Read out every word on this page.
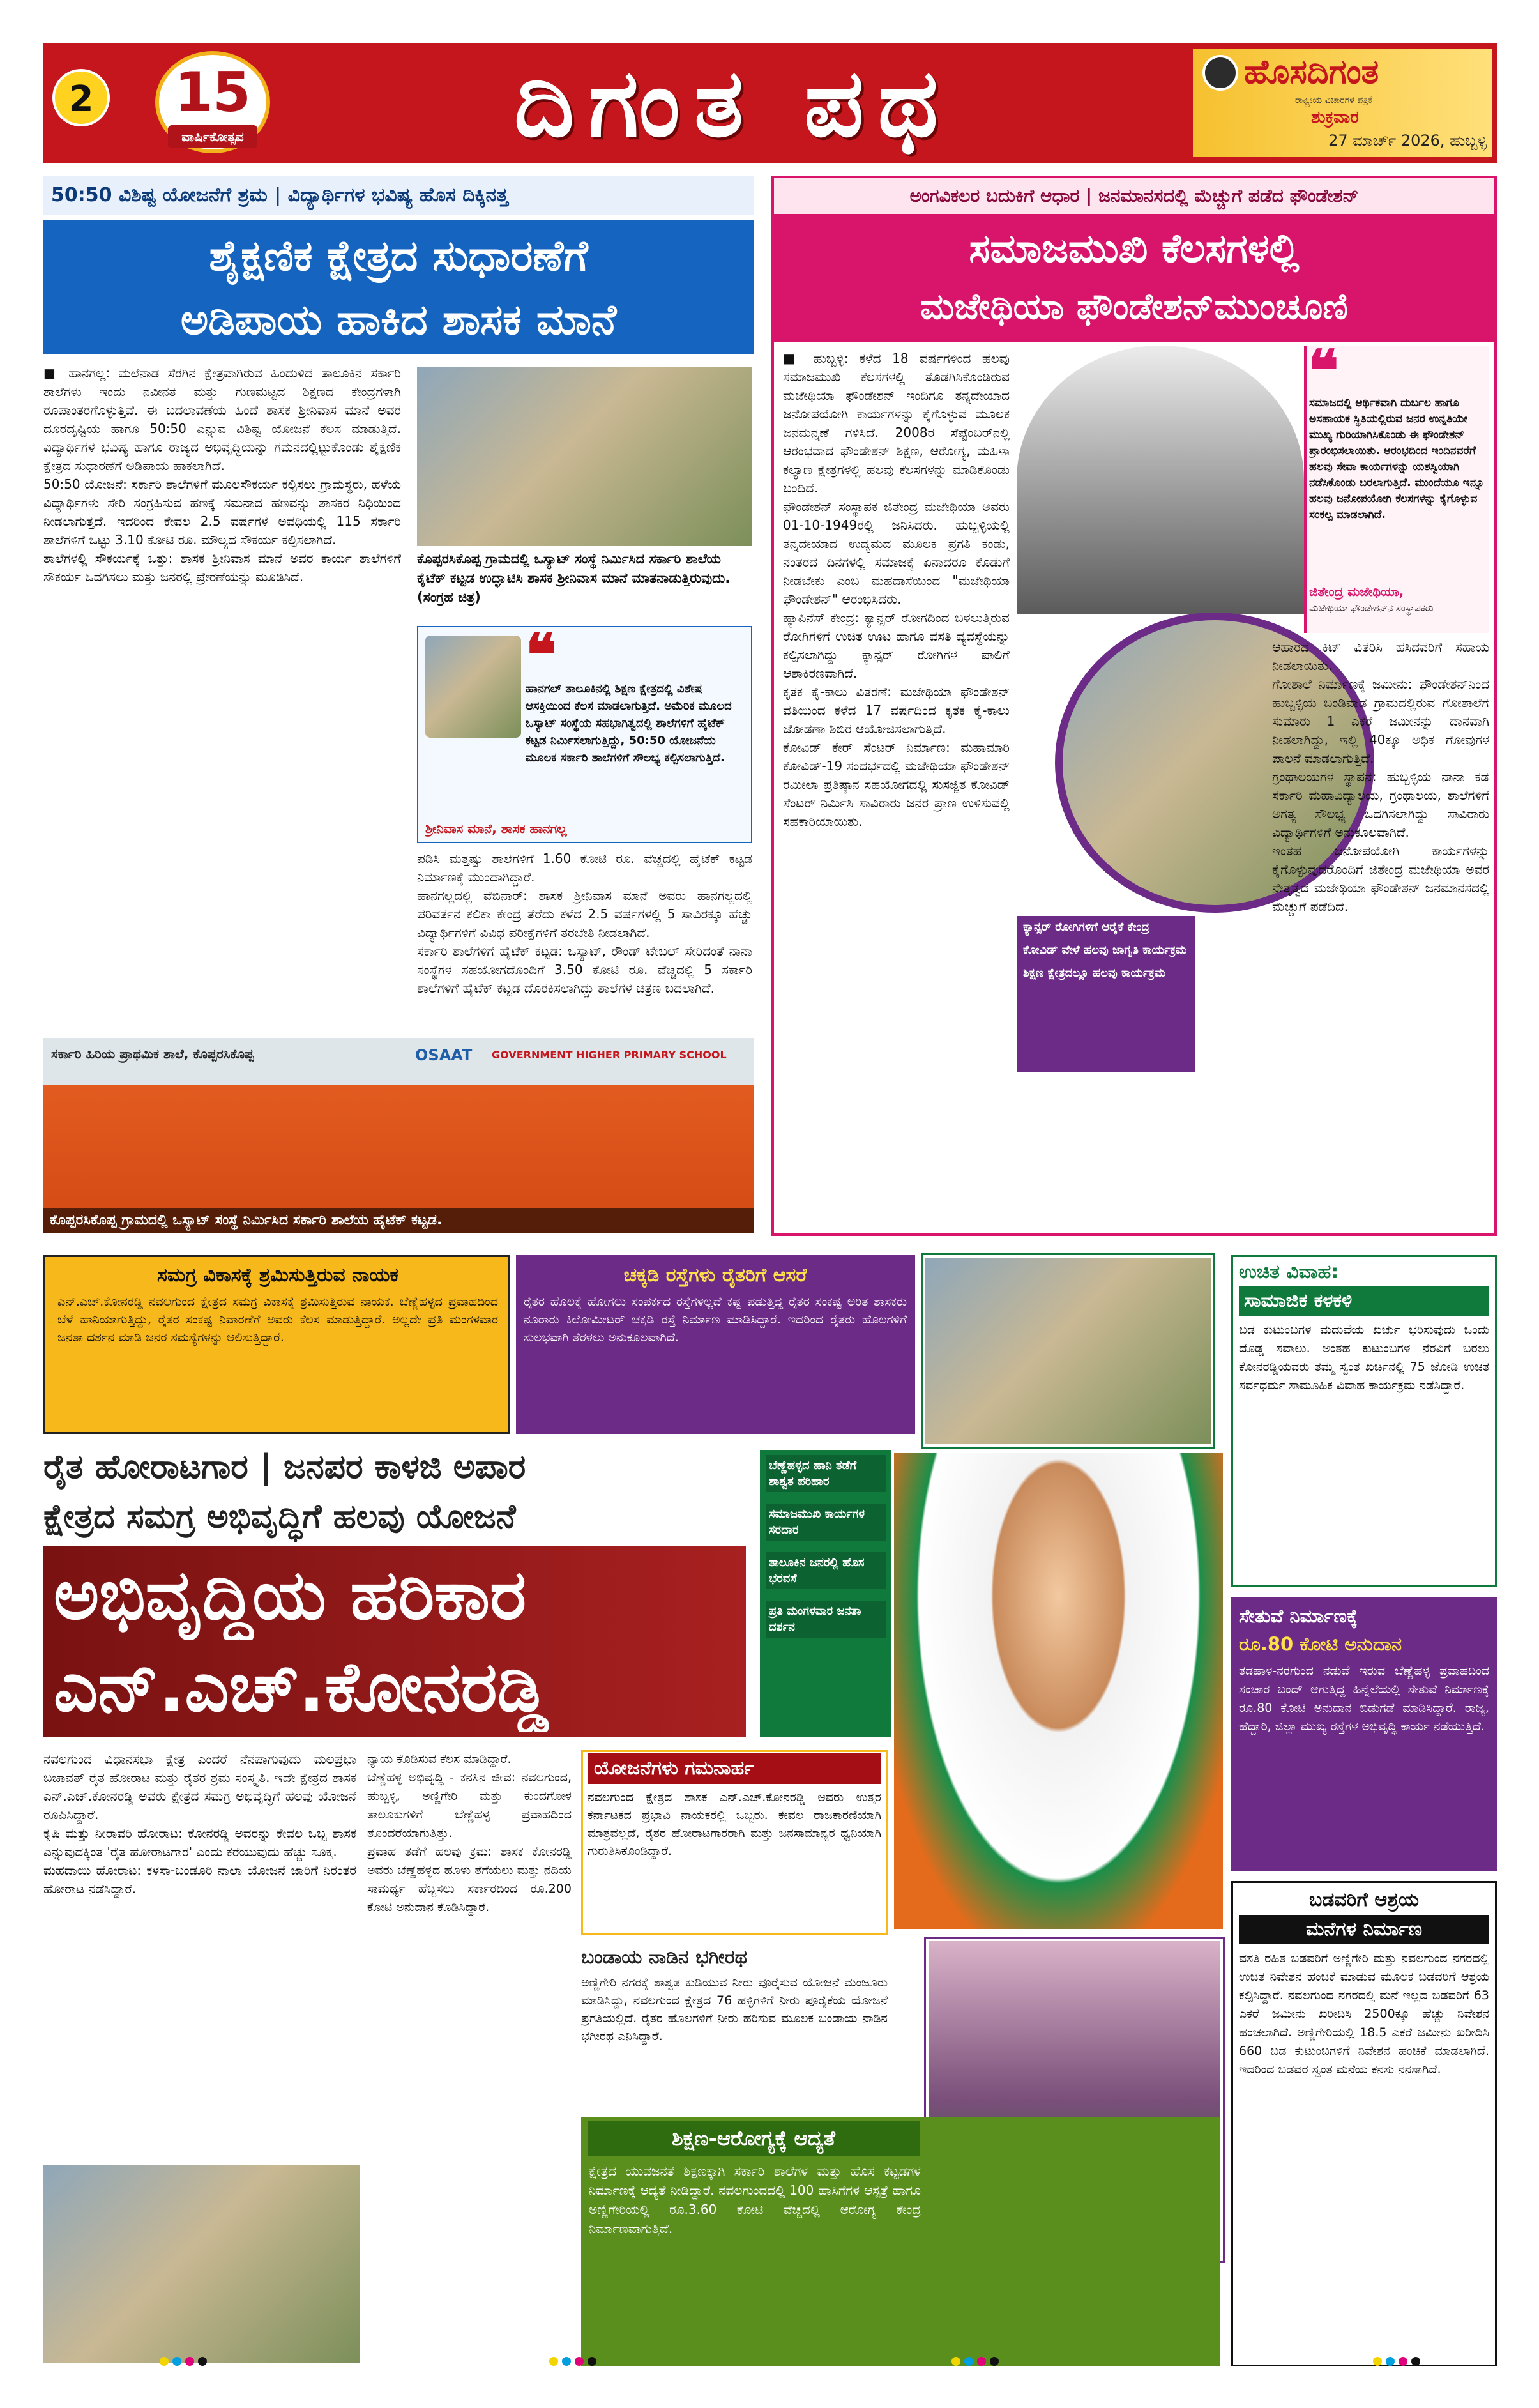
2 15
ವಾರ್ಷಿಕೋತ್ಸವ	ದಿಗಂತ ಪಥ	ಹೊಸದಿಗಂತ
ರಾಷ್ಟ್ರೀಯ ವಿಚಾರಗಳ ಪತ್ರಿಕೆ
ಶುಕ್ರವಾರ
27 ಮಾರ್ಚ್ 2026, ಹುಬ್ಬಳ್ಳಿ
50:50 ವಿಶಿಷ್ಟ ಯೋಜನೆಗೆ ಶ್ರಮ | ವಿದ್ಯಾರ್ಥಿಗಳ ಭವಿಷ್ಯ ಹೊಸ ದಿಕ್ಕಿನತ್ತ
ಶೈಕ್ಷಣಿಕ ಕ್ಷೇತ್ರದ ಸುಧಾರಣೆಗೆ
ಅಡಿಪಾಯ ಹಾಕಿದ ಶಾಸಕ ಮಾನೆ
■ ಹಾನಗಲ್ಲ: ಮಲೆನಾಡ ಸೆರಗಿನ ಕ್ಷೇತ್ರವಾಗಿರುವ ಹಿಂದುಳಿದ ತಾಲೂಕಿನ ಸರ್ಕಾರಿ ಶಾಲೆಗಳು ಇಂದು ನವೀನತೆ ಮತ್ತು ಗುಣಮಟ್ಟದ ಶಿಕ್ಷಣದ ಕೇಂದ್ರಗಳಾಗಿ ರೂಪಾಂತರಗೊಳ್ಳುತ್ತಿವೆ. ಈ ಬದಲಾವಣೆಯ ಹಿಂದೆ ಶಾಸಕ ಶ್ರೀನಿವಾಸ ಮಾನೆ ಅವರ ದೂರದೃಷ್ಟಿಯ ಹಾಗೂ 50:50 ಎನ್ನುವ ವಿಶಿಷ್ಟ ಯೋಜನೆ ಕೆಲಸ ಮಾಡುತ್ತಿದೆ. ವಿದ್ಯಾರ್ಥಿಗಳ ಭವಿಷ್ಯ ಹಾಗೂ ರಾಜ್ಯದ ಅಭಿವೃದ್ಧಿಯನ್ನು ಗಮನದಲ್ಲಿಟ್ಟುಕೊಂಡು ಶೈಕ್ಷಣಿಕ ಕ್ಷೇತ್ರದ ಸುಧಾರಣೆಗೆ ಅಡಿಪಾಯ ಹಾಕಲಾಗಿದೆ.
50:50 ಯೋಜನೆ: ಸರ್ಕಾರಿ ಶಾಲೆಗಳಿಗೆ ಮೂಲಸೌಕರ್ಯ ಕಲ್ಪಿಸಲು ಗ್ರಾಮಸ್ಥರು, ಹಳೆಯ ವಿದ್ಯಾರ್ಥಿಗಳು ಸೇರಿ ಸಂಗ್ರಹಿಸುವ ಹಣಕ್ಕೆ ಸಮನಾದ ಹಣವನ್ನು ಶಾಸಕರ ನಿಧಿಯಿಂದ ನೀಡಲಾಗುತ್ತದೆ. ಇದರಿಂದ ಕೇವಲ 2.5 ವರ್ಷಗಳ ಅವಧಿಯಲ್ಲಿ 115 ಸರ್ಕಾರಿ ಶಾಲೆಗಳಿಗೆ ಒಟ್ಟು 3.10 ಕೋಟಿ ರೂ. ಮೌಲ್ಯದ ಸೌಕರ್ಯ ಕಲ್ಪಿಸಲಾಗಿದೆ.
ಶಾಲೆಗಳಲ್ಲಿ ಸೌಕರ್ಯಕ್ಕೆ ಒತ್ತು: ಶಾಸಕ ಶ್ರೀನಿವಾಸ ಮಾನೆ ಅವರ ಕಾರ್ಯ ಶಾಲೆಗಳಿಗೆ ಸೌಕರ್ಯ ಒದಗಿಸಲು ಮತ್ತು ಜನರಲ್ಲಿ ಪ್ರೇರಣೆಯನ್ನು ಮೂಡಿಸಿದೆ.
ಕೊಪ್ಪರಸಿಕೊಪ್ಪ ಗ್ರಾಮದಲ್ಲಿ ಒಸ್ಯಾಟ್ ಸಂಸ್ಥೆ ನಿರ್ಮಿಸಿದ ಸರ್ಕಾರಿ ಶಾಲೆಯ ಕೈಟೆಕ್ ಕಟ್ಟಡ ಉದ್ಘಾಟಿಸಿ ಶಾಸಕ ಶ್ರೀನಿವಾಸ ಮಾನೆ ಮಾತನಾಡುತ್ತಿರುವುದು. (ಸಂಗ್ರಹ ಚಿತ್ರ)
❝
ಹಾನಗಲ್ ತಾಲೂಕಿನಲ್ಲಿ ಶಿಕ್ಷಣ ಕ್ಷೇತ್ರದಲ್ಲಿ ವಿಶೇಷ ಆಸಕ್ತಿಯಿಂದ ಕೆಲಸ ಮಾಡಲಾಗುತ್ತಿದೆ. ಅಮೆರಿಕ ಮೂಲದ ಒಸ್ಯಾಟ್ ಸಂಸ್ಥೆಯ ಸಹಭಾಗಿತ್ವದಲ್ಲಿ ಶಾಲೆಗಳಿಗೆ ಹೈಟೆಕ್ ಕಟ್ಟಡ ನಿರ್ಮಿಸಲಾಗುತ್ತಿದ್ದು, 50:50 ಯೋಜನೆಯ ಮೂಲಕ ಸರ್ಕಾರಿ ಶಾಲೆಗಳಿಗೆ ಸೌಲಭ್ಯ ಕಲ್ಪಿಸಲಾಗುತ್ತಿದೆ.
ಶ್ರೀನಿವಾಸ ಮಾನೆ, ಶಾಸಕ ಹಾನಗಲ್ಲ
ಪಡಿಸಿ ಮತ್ತಷ್ಟು ಶಾಲೆಗಳಿಗೆ 1.60 ಕೋಟಿ ರೂ. ವೆಚ್ಚದಲ್ಲಿ ಹೈಟೆಕ್ ಕಟ್ಟಡ ನಿರ್ಮಾಣಕ್ಕೆ ಮುಂದಾಗಿದ್ದಾರೆ.
ಹಾನಗಲ್ಲದಲ್ಲಿ ವೆಬಿನಾರ್: ಶಾಸಕ ಶ್ರೀನಿವಾಸ ಮಾನೆ ಅವರು ಹಾನಗಲ್ಲದಲ್ಲಿ ಪರಿವರ್ತನ ಕಲಿಕಾ ಕೇಂದ್ರ ತೆರೆದು ಕಳೆದ 2.5 ವರ್ಷಗಳಲ್ಲಿ 5 ಸಾವಿರಕ್ಕೂ ಹೆಚ್ಚು ವಿದ್ಯಾರ್ಥಿಗಳಿಗೆ ವಿವಿಧ ಪರೀಕ್ಷೆಗಳಿಗೆ ತರಬೇತಿ ನೀಡಲಾಗಿದೆ.
ಸರ್ಕಾರಿ ಶಾಲೆಗಳಿಗೆ ಹೈಟೆಕ್ ಕಟ್ಟಡ: ಒಸ್ಯಾಟ್, ರೌಂಡ್ ಟೇಬಲ್ ಸೇರಿದಂತೆ ನಾನಾ ಸಂಸ್ಥೆಗಳ ಸಹಯೋಗದೊಂದಿಗೆ 3.50 ಕೋಟಿ ರೂ. ವೆಚ್ಚದಲ್ಲಿ 5 ಸರ್ಕಾರಿ ಶಾಲೆಗಳಿಗೆ ಹೈಟೆಕ್ ಕಟ್ಟಡ ದೊರಕಿಸಲಾಗಿದ್ದು ಶಾಲೆಗಳ ಚಿತ್ರಣ ಬದಲಾಗಿದೆ.
ಸರ್ಕಾರಿ ಹಿರಿಯ ಪ್ರಾಥಮಿಕ ಶಾಲೆ, ಕೊಪ್ಪರಸಿಕೊಪ್ಪ	OSAAT	GOVERNMENT HIGHER PRIMARY SCHOOL
ಕೊಪ್ಪರಸಿಕೊಪ್ಪ ಗ್ರಾಮದಲ್ಲಿ ಒಸ್ಯಾಟ್ ಸಂಸ್ಥೆ ನಿರ್ಮಿಸಿದ ಸರ್ಕಾರಿ ಶಾಲೆಯ ಹೈಟೆಕ್ ಕಟ್ಟಡ.
ಅಂಗವಿಕಲರ ಬದುಕಿಗೆ ಆಧಾರ | ಜನಮಾನಸದಲ್ಲಿ ಮೆಚ್ಚುಗೆ ಪಡೆದ ಫೌಂಡೇಶನ್
ಸಮಾಜಮುಖಿ ಕೆಲಸಗಳಲ್ಲಿ
ಮಜೇಥಿಯಾ ಫೌಂಡೇಶನ್‌ಮುಂಚೂಣಿ
■ ಹುಬ್ಬಳ್ಳಿ: ಕಳೆದ 18 ವರ್ಷಗಳಿಂದ ಹಲವು ಸಮಾಜಮುಖಿ ಕೆಲಸಗಳಲ್ಲಿ ತೊಡಗಿಸಿಕೊಂಡಿರುವ ಮಜೇಥಿಯಾ ಫೌಂಡೇಶನ್ ಇಂದಿಗೂ ತನ್ನದೇಯಾದ ಜನೋಪಯೋಗಿ ಕಾರ್ಯಗಳನ್ನು ಕೈಗೊಳ್ಳುವ ಮೂಲಕ ಜನಮನ್ನಣೆ ಗಳಿಸಿದೆ. 2008ರ ಸೆಪ್ಟೆಂಬರ್‌ನಲ್ಲಿ ಆರಂಭವಾದ ಫೌಂಡೇಶನ್ ಶಿಕ್ಷಣ, ಆರೋಗ್ಯ, ಮಹಿಳಾ ಕಲ್ಯಾಣ ಕ್ಷೇತ್ರಗಳಲ್ಲಿ ಹಲವು ಕೆಲಸಗಳನ್ನು ಮಾಡಿಕೊಂಡು ಬಂದಿದೆ.
ಫೌಂಡೇಶನ್ ಸಂಸ್ಥಾಪಕ ಜಿತೇಂದ್ರ ಮಜೇಥಿಯಾ ಅವರು 01-10-1949ರಲ್ಲಿ ಜನಿಸಿದರು. ಹುಬ್ಬಳ್ಳಿಯಲ್ಲಿ ತನ್ನದೇಯಾದ ಉದ್ಯಮದ ಮೂಲಕ ಪ್ರಗತಿ ಕಂಡು, ನಂತರದ ದಿನಗಳಲ್ಲಿ ಸಮಾಜಕ್ಕೆ ಏನಾದರೂ ಕೊಡುಗೆ ನೀಡಬೇಕು ಎಂಬ ಮಹದಾಸೆಯಿಂದ "ಮಜೇಥಿಯಾ ಫೌಂಡೇಶನ್" ಆರಂಭಿಸಿದರು.
ಹ್ಯಾಪಿನೆಸ್ ಕೇಂದ್ರ: ಕ್ಯಾನ್ಸರ್ ರೋಗದಿಂದ ಬಳಲುತ್ತಿರುವ ರೋಗಿಗಳಿಗೆ ಉಚಿತ ಊಟ ಹಾಗೂ ವಸತಿ ವ್ಯವಸ್ಥೆಯನ್ನು ಕಲ್ಪಿಸಲಾಗಿದ್ದು ಕ್ಯಾನ್ಸರ್ ರೋಗಿಗಳ ಪಾಲಿಗೆ ಆಶಾಕಿರಣವಾಗಿದೆ.
ಕೃತಕ ಕೈ-ಕಾಲು ವಿತರಣೆ: ಮಜೇಥಿಯಾ ಫೌಂಡೇಶನ್ ವತಿಯಿಂದ ಕಳೆದ 17 ವರ್ಷದಿಂದ ಕೃತಕ ಕೈ-ಕಾಲು ಜೋಡಣಾ ಶಿಬಿರ ಆಯೋಜಿಸಲಾಗುತ್ತಿದೆ.
ಕೋವಿಡ್ ಕೇರ್ ಸೆಂಟರ್ ನಿರ್ಮಾಣ: ಮಹಾಮಾರಿ ಕೋವಿಡ್-19 ಸಂದರ್ಭದಲ್ಲಿ ಮಜೇಥಿಯಾ ಫೌಂಡೇಶನ್ ರಮೀಲಾ ಪ್ರತಿಷ್ಠಾನ ಸಹಯೋಗದಲ್ಲಿ ಸುಸಜ್ಜಿತ ಕೋವಿಡ್ ಸೆಂಟರ್ ನಿರ್ಮಿಸಿ ಸಾವಿರಾರು ಜನರ ಪ್ರಾಣ ಉಳಿಸುವಲ್ಲಿ ಸಹಕಾರಿಯಾಯಿತು.
❝
ಸಮಾಜದಲ್ಲಿ ಆರ್ಥಿಕವಾಗಿ ದುರ್ಬಲ ಹಾಗೂ ಅಸಹಾಯಕ ಸ್ಥಿತಿಯಲ್ಲಿರುವ ಜನರ ಉನ್ನತಿಯೇ ಮುಖ್ಯ ಗುರಿಯಾಗಿಸಿಕೊಂಡು ಈ ಫೌಂಡೇಶನ್ ಪ್ರಾರಂಭಿಸಲಾಯಿತು. ಆರಂಭದಿಂದ ಇಂದಿನವರೆಗೆ ಹಲವು ಸೇವಾ ಕಾರ್ಯಗಳನ್ನು ಯಶಸ್ವಿಯಾಗಿ ನಡೆಸಿಕೊಂಡು ಬರಲಾಗುತ್ತಿದೆ. ಮುಂದೆಯೂ ಇನ್ನೂ ಹಲವು ಜನೋಪಯೋಗಿ ಕೆಲಸಗಳನ್ನು ಕೈಗೊಳ್ಳುವ ಸಂಕಲ್ಪ ಮಾಡಲಾಗಿದೆ.
ಜಿತೇಂದ್ರ ಮಜೇಥಿಯಾ,
ಮಜೇಥಿಯಾ ಫೌಂಡೇಶನ್‌ನ ಸಂಸ್ಥಾಪಕರು
ಕ್ಯಾನ್ಸರ್ ರೋಗಿಗಳಿಗೆ ಆರೈಕೆ ಕೇಂದ್ರ
ಕೋವಿಡ್ ವೇಳೆ ಹಲವು ಜಾಗೃತಿ ಕಾರ್ಯಕ್ರಮ
ಶಿಕ್ಷಣ ಕ್ಷೇತ್ರದಲ್ಲೂ ಹಲವು ಕಾರ್ಯಕ್ರಮ
ಆಹಾರದ ಕಿಟ್ ವಿತರಿಸಿ ಹಸಿದವರಿಗೆ ಸಹಾಯ ನೀಡಲಾಯಿತು.
ಗೋಶಾಲೆ ನಿರ್ಮಾಣಕ್ಕೆ ಜಮೀನು: ಫೌಂಡೇಶನ್‌ನಿಂದ ಹುಬ್ಬಳ್ಳಿಯ ಬಂಡಿವಾಡ ಗ್ರಾಮದಲ್ಲಿರುವ ಗೋಶಾಲೆಗೆ ಸುಮಾರು 1 ಎಕರೆ ಜಮೀನನ್ನು ದಾನವಾಗಿ ನೀಡಲಾಗಿದ್ದು, ಇಲ್ಲಿ 40ಕ್ಕೂ ಅಧಿಕ ಗೋವುಗಳ ಪಾಲನೆ ಮಾಡಲಾಗುತ್ತಿದೆ.
ಗ್ರಂಥಾಲಯಗಳ ಸ್ಥಾಪನೆ: ಹುಬ್ಬಳ್ಳಿಯ ನಾನಾ ಕಡೆ ಸರ್ಕಾರಿ ಮಹಾವಿದ್ಯಾಲಯ, ಗ್ರಂಥಾಲಯ, ಶಾಲೆಗಳಿಗೆ ಅಗತ್ಯ ಸೌಲಭ್ಯ ಒದಗಿಸಲಾಗಿದ್ದು ಸಾವಿರಾರು ವಿದ್ಯಾರ್ಥಿಗಳಿಗೆ ಅನುಕೂಲವಾಗಿದೆ.
ಇಂತಹ ಜನೋಪಯೋಗಿ ಕಾರ್ಯಗಳನ್ನು ಕೈಗೊಳ್ಳುವುದರೊಂದಿಗೆ ಜಿತೇಂದ್ರ ಮಜೇಥಿಯಾ ಅವರ ನೇತೃತ್ವದ ಮಜೇಥಿಯಾ ಫೌಂಡೇಶನ್ ಜನಮಾನಸದಲ್ಲಿ ಮೆಚ್ಚುಗೆ ಪಡೆದಿದೆ.
ಸಮಗ್ರ ವಿಕಾಸಕ್ಕೆ ಶ್ರಮಿಸುತ್ತಿರುವ ನಾಯಕ
ಎನ್.ಎಚ್.ಕೋನರಡ್ಡಿ ನವಲಗುಂದ ಕ್ಷೇತ್ರದ ಸಮಗ್ರ ವಿಕಾಸಕ್ಕೆ ಶ್ರಮಿಸುತ್ತಿರುವ ನಾಯಕ. ಬೆಣ್ಣೆಹಳ್ಳದ ಪ್ರವಾಹದಿಂದ ಬೆಳೆ ಹಾನಿಯಾಗುತ್ತಿದ್ದು, ರೈತರ ಸಂಕಷ್ಟ ನಿವಾರಣೆಗೆ ಅವರು ಕೆಲಸ ಮಾಡುತ್ತಿದ್ದಾರೆ. ಅಲ್ಲದೇ ಪ್ರತಿ ಮಂಗಳವಾರ ಜನತಾ ದರ್ಶನ ಮಾಡಿ ಜನರ ಸಮಸ್ಯೆಗಳನ್ನು ಆಲಿಸುತ್ತಿದ್ದಾರೆ.
ಚಕ್ಕಡಿ ರಸ್ತೆಗಳು ರೈತರಿಗೆ ಆಸರೆ
ರೈತರ ಹೊಲಕ್ಕೆ ಹೋಗಲು ಸಂಪರ್ಕದ ರಸ್ತೆಗಳಿಲ್ಲದೆ ಕಷ್ಟ ಪಡುತ್ತಿದ್ದ ರೈತರ ಸಂಕಷ್ಟ ಅರಿತ ಶಾಸಕರು ನೂರಾರು ಕಿಲೋಮೀಟರ್ ಚಕ್ಕಡಿ ರಸ್ತೆ ನಿರ್ಮಾಣ ಮಾಡಿಸಿದ್ದಾರೆ. ಇದರಿಂದ ರೈತರು ಹೊಲಗಳಿಗೆ ಸುಲಭವಾಗಿ ತೆರಳಲು ಅನುಕೂಲವಾಗಿದೆ.
ಉಚಿತ ವಿವಾಹ:
ಸಾಮಾಜಿಕ ಕಳಕಳಿ
ಬಡ ಕುಟುಂಬಗಳ ಮದುವೆಯ ಖರ್ಚು ಭರಿಸುವುದು ಒಂದು ದೊಡ್ಡ ಸವಾಲು. ಅಂತಹ ಕುಟುಂಬಗಳ ನೆರವಿಗೆ ಬರಲು ಕೋನರಡ್ಡಿಯವರು ತಮ್ಮ ಸ್ವಂತ ಖರ್ಚಿನಲ್ಲಿ 75 ಜೋಡಿ ಉಚಿತ ಸರ್ವಧರ್ಮ ಸಾಮೂಹಿಕ ವಿವಾಹ ಕಾರ್ಯಕ್ರಮ ನಡೆಸಿದ್ದಾರೆ.
ರೈತ ಹೋರಾಟಗಾರ | ಜನಪರ ಕಾಳಜಿ ಅಪಾರ
ಕ್ಷೇತ್ರದ ಸಮಗ್ರ ಅಭಿವೃದ್ಧಿಗೆ ಹಲವು ಯೋಜನೆ
ಅಭಿವೃದ್ಧಿಯ ಹರಿಕಾರ
ಎನ್.ಎಚ್.ಕೋನರಡ್ಡಿ
ಬೆಣ್ಣೆಹಳ್ಳದ ಹಾನಿ ತಡೆಗೆ ಶಾಶ್ವತ ಪರಿಹಾರ
ಸಮಾಜಮುಖಿ ಕಾರ್ಯಗಳ ಸರದಾರ
ತಾಲೂಕಿನ ಜನರಲ್ಲಿ ಹೊಸ ಭರವಸೆ
ಪ್ರತಿ ಮಂಗಳವಾರ ಜನತಾ ದರ್ಶನ
ಸೇತುವೆ ನಿರ್ಮಾಣಕ್ಕೆ
ರೂ.80 ಕೋಟಿ ಅನುದಾನ
ತಡಹಾಳ-ನರಗುಂದ ನಡುವೆ ಇರುವ ಬೆಣ್ಣೆಹಳ್ಳ ಪ್ರವಾಹದಿಂದ ಸಂಚಾರ ಬಂದ್ ಆಗುತ್ತಿದ್ದ ಹಿನ್ನೆಲೆಯಲ್ಲಿ ಸೇತುವೆ ನಿರ್ಮಾಣಕ್ಕೆ ರೂ.80 ಕೋಟಿ ಅನುದಾನ ಬಿಡುಗಡೆ ಮಾಡಿಸಿದ್ದಾರೆ. ರಾಜ್ಯ, ಹೆದ್ದಾರಿ, ಜಿಲ್ಲಾ ಮುಖ್ಯ ರಸ್ತೆಗಳ ಅಭಿವೃದ್ಧಿ ಕಾರ್ಯ ನಡೆಯುತ್ತಿದೆ.
ನವಲಗುಂದ ವಿಧಾನಸಭಾ ಕ್ಷೇತ್ರ ಎಂದರೆ ನೆನಪಾಗುವುದು ಮಲಪ್ರಭಾ ಬಚಾವತ್ ರೈತ ಹೋರಾಟ ಮತ್ತು ರೈತರ ಶ್ರಮ ಸಂಸ್ಕೃತಿ. ಇದೇ ಕ್ಷೇತ್ರದ ಶಾಸಕ ಎನ್.ಎಚ್.ಕೋನರಡ್ಡಿ ಅವರು ಕ್ಷೇತ್ರದ ಸಮಗ್ರ ಅಭಿವೃದ್ಧಿಗೆ ಹಲವು ಯೋಜನೆ ರೂಪಿಸಿದ್ದಾರೆ.
ಕೃಷಿ ಮತ್ತು ನೀರಾವರಿ ಹೋರಾಟ: ಕೋನರಡ್ಡಿ ಅವರನ್ನು ಕೇವಲ ಒಬ್ಬ ಶಾಸಕ ಎನ್ನುವುದಕ್ಕಿಂತ 'ರೈತ ಹೋರಾಟಗಾರ' ಎಂದು ಕರೆಯುವುದು ಹೆಚ್ಚು ಸೂಕ್ತ.
ಮಹದಾಯಿ ಹೋರಾಟ: ಕಳಸಾ-ಬಂಡೂರಿ ನಾಲಾ ಯೋಜನೆ ಜಾರಿಗೆ ನಿರಂತರ ಹೋರಾಟ ನಡೆಸಿದ್ದಾರೆ.
ನ್ಯಾಯ ಕೊಡಿಸುವ ಕೆಲಸ ಮಾಡಿದ್ದಾರೆ.
ಬೆಣ್ಣೆಹಳ್ಳ ಅಭಿವೃದ್ಧಿ - ಕನಸಿನ ಜೀವ: ನವಲಗುಂದ, ಹುಬ್ಬಳ್ಳಿ, ಅಣ್ಣಿಗೇರಿ ಮತ್ತು ಕುಂದಗೋಳ ತಾಲೂಕುಗಳಿಗೆ ಬೆಣ್ಣೆಹಳ್ಳ ಪ್ರವಾಹದಿಂದ ತೊಂದರೆಯಾಗುತ್ತಿತ್ತು.
ಪ್ರವಾಹ ತಡೆಗೆ ಹಲವು ಕ್ರಮ: ಶಾಸಕ ಕೋನರಡ್ಡಿ ಅವರು ಬೆಣ್ಣೆಹಳ್ಳದ ಹೂಳು ತೆಗೆಯಲು ಮತ್ತು ನದಿಯ ಸಾಮರ್ಥ್ಯ ಹೆಚ್ಚಿಸಲು ಸರ್ಕಾರದಿಂದ ರೂ.200 ಕೋಟಿ ಅನುದಾನ ಕೊಡಿಸಿದ್ದಾರೆ.
ಯೋಜನೆಗಳು ಗಮನಾರ್ಹ
ನವಲಗುಂದ ಕ್ಷೇತ್ರದ ಶಾಸಕ ಎನ್.ಎಚ್.ಕೋನರಡ್ಡಿ ಅವರು ಉತ್ತರ ಕರ್ನಾಟಕದ ಪ್ರಭಾವಿ ನಾಯಕರಲ್ಲಿ ಒಬ್ಬರು. ಕೇವಲ ರಾಜಕಾರಣಿಯಾಗಿ ಮಾತ್ರವಲ್ಲದೆ, ರೈತರ ಹೋರಾಟಗಾರರಾಗಿ ಮತ್ತು ಜನಸಾಮಾನ್ಯರ ಧ್ವನಿಯಾಗಿ ಗುರುತಿಸಿಕೊಂಡಿದ್ದಾರೆ.
ಬಂಡಾಯ ನಾಡಿನ ಭಗೀರಥ
ಅಣ್ಣಿಗೇರಿ ನಗರಕ್ಕೆ ಶಾಶ್ವತ ಕುಡಿಯುವ ನೀರು ಪೂರೈಸುವ ಯೋಜನೆ ಮಂಜೂರು ಮಾಡಿಸಿದ್ದು, ನವಲಗುಂದ ಕ್ಷೇತ್ರದ 76 ಹಳ್ಳಿಗಳಿಗೆ ನೀರು ಪೂರೈಕೆಯ ಯೋಜನೆ ಪ್ರಗತಿಯಲ್ಲಿದೆ. ರೈತರ ಹೊಲಗಳಿಗೆ ನೀರು ಹರಿಸುವ ಮೂಲಕ ಬಂಡಾಯ ನಾಡಿನ ಭಗೀರಥ ಎನಿಸಿದ್ದಾರೆ.
ಬಡವರಿಗೆ ಆಶ್ರಯ
ಮನೆಗಳ ನಿರ್ಮಾಣ
ವಸತಿ ರಹಿತ ಬಡವರಿಗೆ ಅಣ್ಣಿಗೇರಿ ಮತ್ತು ನವಲಗುಂದ ನಗರದಲ್ಲಿ ಉಚಿತ ನಿವೇಶನ ಹಂಚಿಕೆ ಮಾಡುವ ಮೂಲಕ ಬಡವರಿಗೆ ಆಶ್ರಯ ಕಲ್ಪಿಸಿದ್ದಾರೆ. ನವಲಗುಂದ ನಗರದಲ್ಲಿ ಮನೆ ಇಲ್ಲದ ಬಡವರಿಗೆ 63 ಎಕರೆ ಜಮೀನು ಖರೀದಿಸಿ 2500ಕ್ಕೂ ಹೆಚ್ಚು ನಿವೇಶನ ಹಂಚಲಾಗಿದೆ. ಅಣ್ಣಿಗೇರಿಯಲ್ಲಿ 18.5 ಎಕರೆ ಜಮೀನು ಖರೀದಿಸಿ 660 ಬಡ ಕುಟುಂಬಗಳಿಗೆ ನಿವೇಶನ ಹಂಚಿಕೆ ಮಾಡಲಾಗಿದೆ. ಇದರಿಂದ ಬಡವರ ಸ್ವಂತ ಮನೆಯ ಕನಸು ನನಸಾಗಿದೆ.
ಶಿಕ್ಷಣ-ಆರೋಗ್ಯಕ್ಕೆ ಆದ್ಯತೆ
ಕ್ಷೇತ್ರದ ಯುವಜನತೆ ಶಿಕ್ಷಣಕ್ಕಾಗಿ ಸರ್ಕಾರಿ ಶಾಲೆಗಳ ಮತ್ತು ಹೊಸ ಕಟ್ಟಡಗಳ ನಿರ್ಮಾಣಕ್ಕೆ ಆದ್ಯತೆ ನೀಡಿದ್ದಾರೆ. ನವಲಗುಂದದಲ್ಲಿ 100 ಹಾಸಿಗೆಗಳ ಆಸ್ಪತ್ರೆ ಹಾಗೂ ಅಣ್ಣಿಗೇರಿಯಲ್ಲಿ ರೂ.3.60 ಕೋಟಿ ವೆಚ್ಚದಲ್ಲಿ ಆರೋಗ್ಯ ಕೇಂದ್ರ ನಿರ್ಮಾಣವಾಗುತ್ತಿದೆ.
